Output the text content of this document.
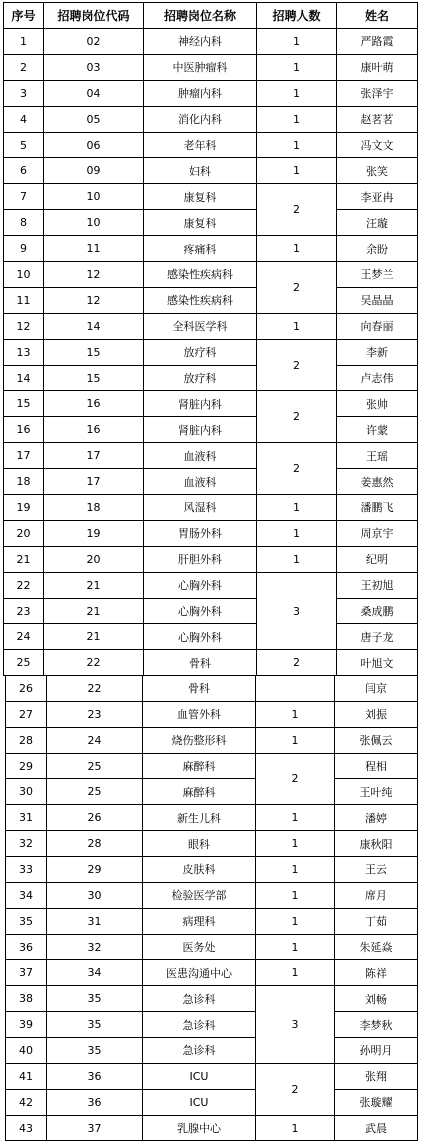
序号	招聘岗位代码	招聘岗位名称	招聘人数	姓名
1	02	神经内科	1	严路霞
2	03	中医肿瘤科	1	康叶萌
3	04	肿瘤内科	1	张泽宇
4	05	消化内科	1	赵茗茗
5	06	老年科	1	冯文文
6	09	妇科	1	张笑
7	10	康复科	2	李亚冉
8	10	康复科		汪璇
9	11	疼痛科	1	余盼
10	12	感染性疾病科	2	王梦兰
11	12	感染性疾病科		吴晶晶
12	14	全科医学科	1	向春丽
13	15	放疗科	2	李新
14	15	放疗科		卢志伟
15	16	肾脏内科	2	张帅
16	16	肾脏内科		许蒙
17	17	血液科	2	王瑶
18	17	血液科		姜惠然
19	18	风湿科	1	潘鹏飞
20	19	胃肠外科	1	周京宇
21	20	肝胆外科	1	纪明
22	21	心胸外科	3	王初旭
23	21	心胸外科		桑成鹏
24	21	心胸外科		唐子龙
25	22	骨科	2	叶旭文
26	22	骨科		闫京
27	23	血管外科	1	刘振
28	24	烧伤整形科	1	张佩云
29	25	麻醉科	2	程相
30	25	麻醉科		王叶纯
31	26	新生儿科	1	潘婷
32	28	眼科	1	康秋阳
33	29	皮肤科	1	王云
34	30	检验医学部	1	席月
35	31	病理科	1	丁茹
36	32	医务处	1	朱延焱
37	34	医患沟通中心	1	陈祥
38	35	急诊科	3	刘畅
39	35	急诊科		李梦秋
40	35	急诊科		孙明月
41	36	ICU	2	张翔
42	36	ICU		张璇耀
43	37	乳腺中心	1	武晨
